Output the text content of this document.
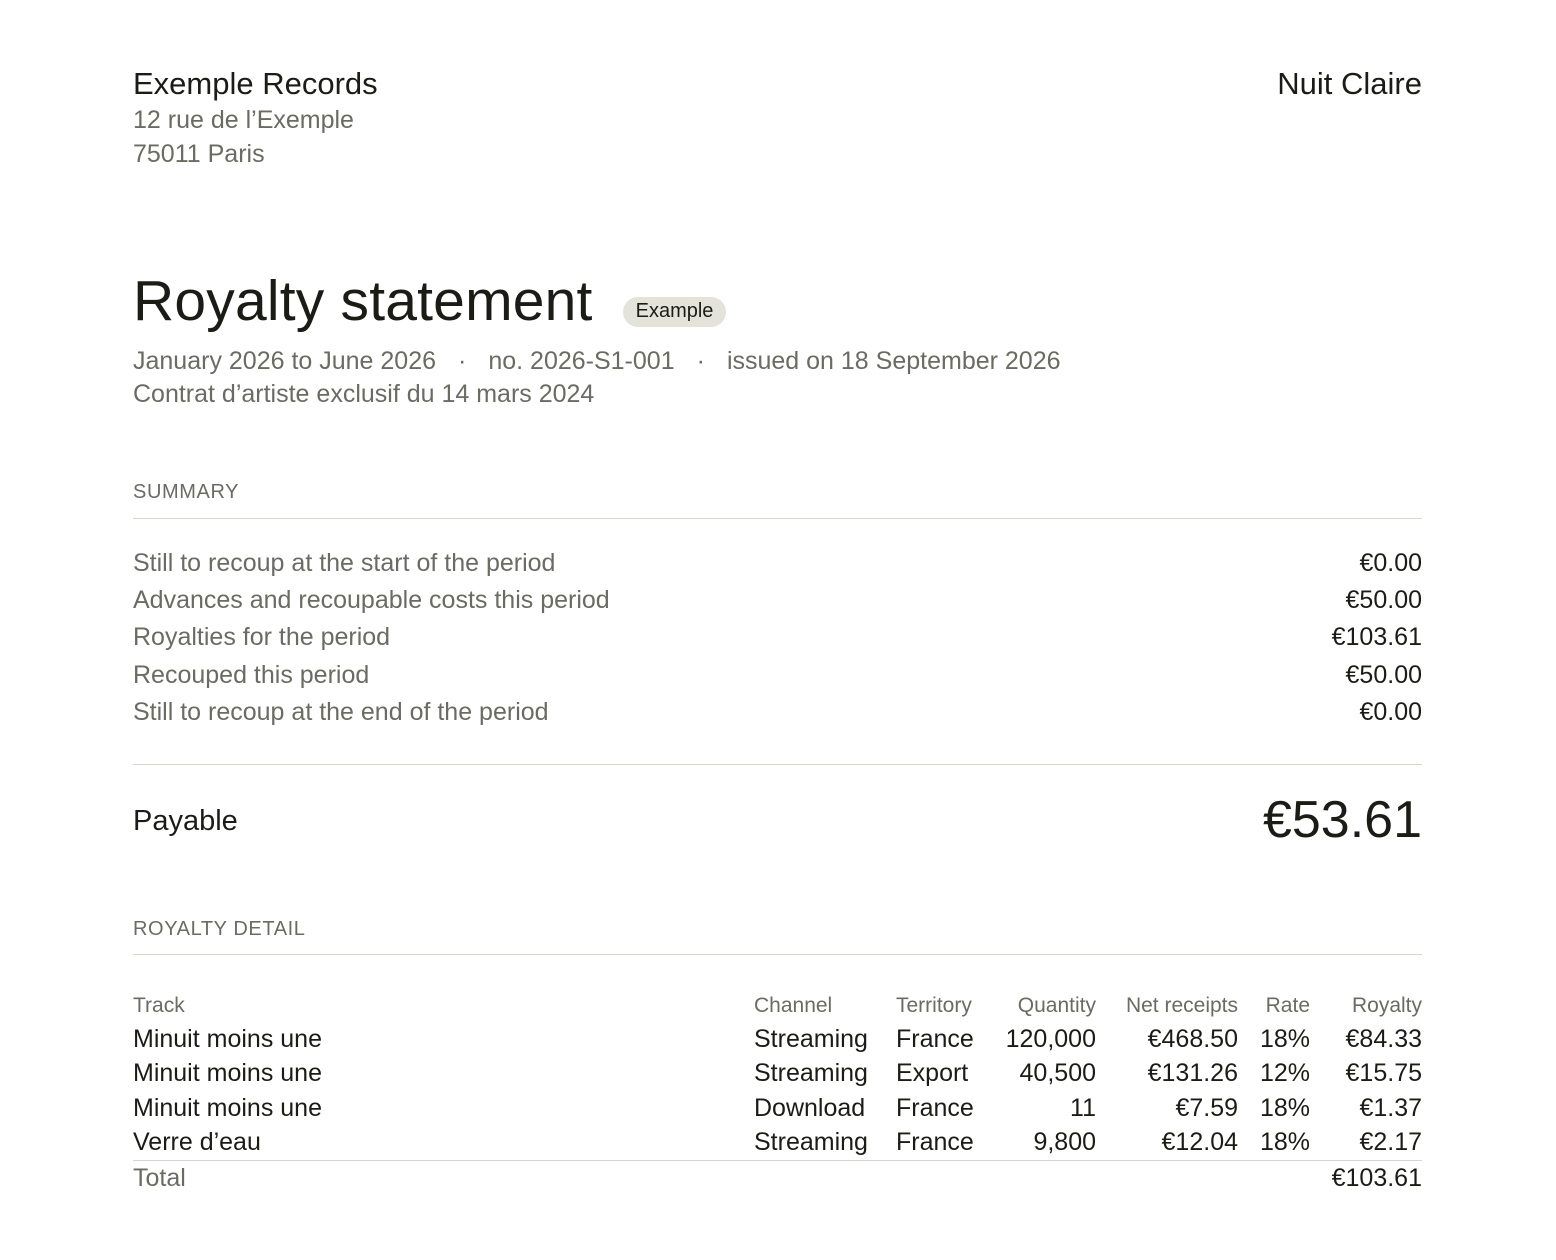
Exemple Records
12 rue de l’Exemple
75011 Paris
Nuit Claire
Royalty statement	Example
January 2026 to June 2026 · no. 2026-S1-001 · issued on 18 September 2026
Contrat d’artiste exclusif du 14 mars 2024
SUMMARY
Still to recoup at the start of the period	€0.00
Advances and recoupable costs this period	€50.00
Royalties for the period	€103.61
Recouped this period	€50.00
Still to recoup at the end of the period	€0.00
Payable	€53.61
ROYALTY DETAIL
Track	Channel	Territory	Quantity	Net receipts	Rate	Royalty
Minuit moins une	Streaming	France	120,000	€468.50	18%	€84.33
Minuit moins une	Streaming	Export	40,500	€131.26	12%	€15.75
Minuit moins une	Download	France	11	€7.59	18%	€1.37
Verre d’eau	Streaming	France	9,800	€12.04	18%	€2.17
Total						€103.61
